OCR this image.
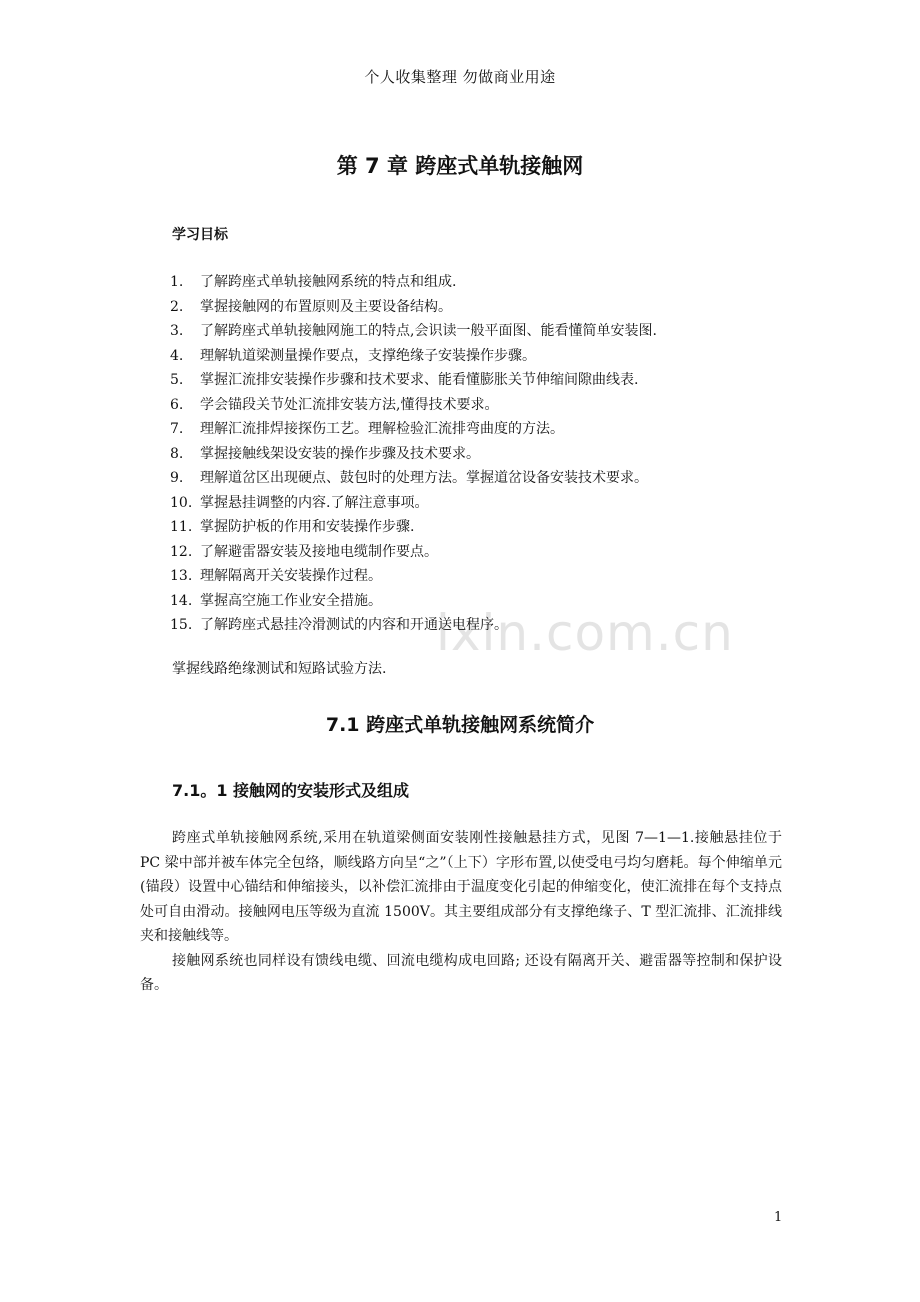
个人收集整理 勿做商业用途
第 7 章 跨座式单轨接触网
学习目标
ixin.com.cn
1. 了解跨座式单轨接触网系统的特点和组成.
2. 掌握接触网的布置原则及主要设备结构。
3. 了解跨座式单轨接触网施工的特点,会识读一般平面图、能看懂简单安装图.
4. 理解轨道梁测量操作要点，支撑绝缘子安装操作步骤。
5. 掌握汇流排安装操作步骤和技术要求、能看懂膨胀关节伸缩间隙曲线表.
6. 学会锚段关节处汇流排安装方法,懂得技术要求。
7. 理解汇流排焊接探伤工艺。理解检验汇流排弯曲度的方法。
8. 掌握接触线架设安装的操作步骤及技术要求。
9. 理解道岔区出现硬点、鼓包时的处理方法。掌握道岔设备安装技术要求。
10. 掌握悬挂调整的内容.了解注意事项。
11. 掌握防护板的作用和安装操作步骤.
12. 了解避雷器安装及接地电缆制作要点。
13. 理解隔离开关安装操作过程。
14. 掌握高空施工作业安全措施。
15. 了解跨座式悬挂冷滑测试的内容和开通送电程序。
掌握线路绝缘测试和短路试验方法.
7.1 跨座式单轨接触网系统简介
7.1。1 接触网的安装形式及组成

跨座式单轨接触网系统,采用在轨道梁侧面安装刚性接触悬挂方式，见图 7—1—1.接触悬挂位于 PC 梁中部并被车体完全包络，顺线路方向呈“之”（上下）字形布置,以使受电弓均匀磨耗。每个伸缩单元(锚段）设置中心锚结和伸缩接头，以补偿汇流排由于温度变化引起的伸缩变化，使汇流排在每个支持点处可自由滑动。接触网电压等级为直流 1500V。其主要组成部分有支撑绝缘子、T 型汇流排、汇流排线夹和接触线等。

接触网系统也同样设有馈线电缆、回流电缆构成电回路; 还设有隔离开关、避雷器等控制和保护设备。

1
